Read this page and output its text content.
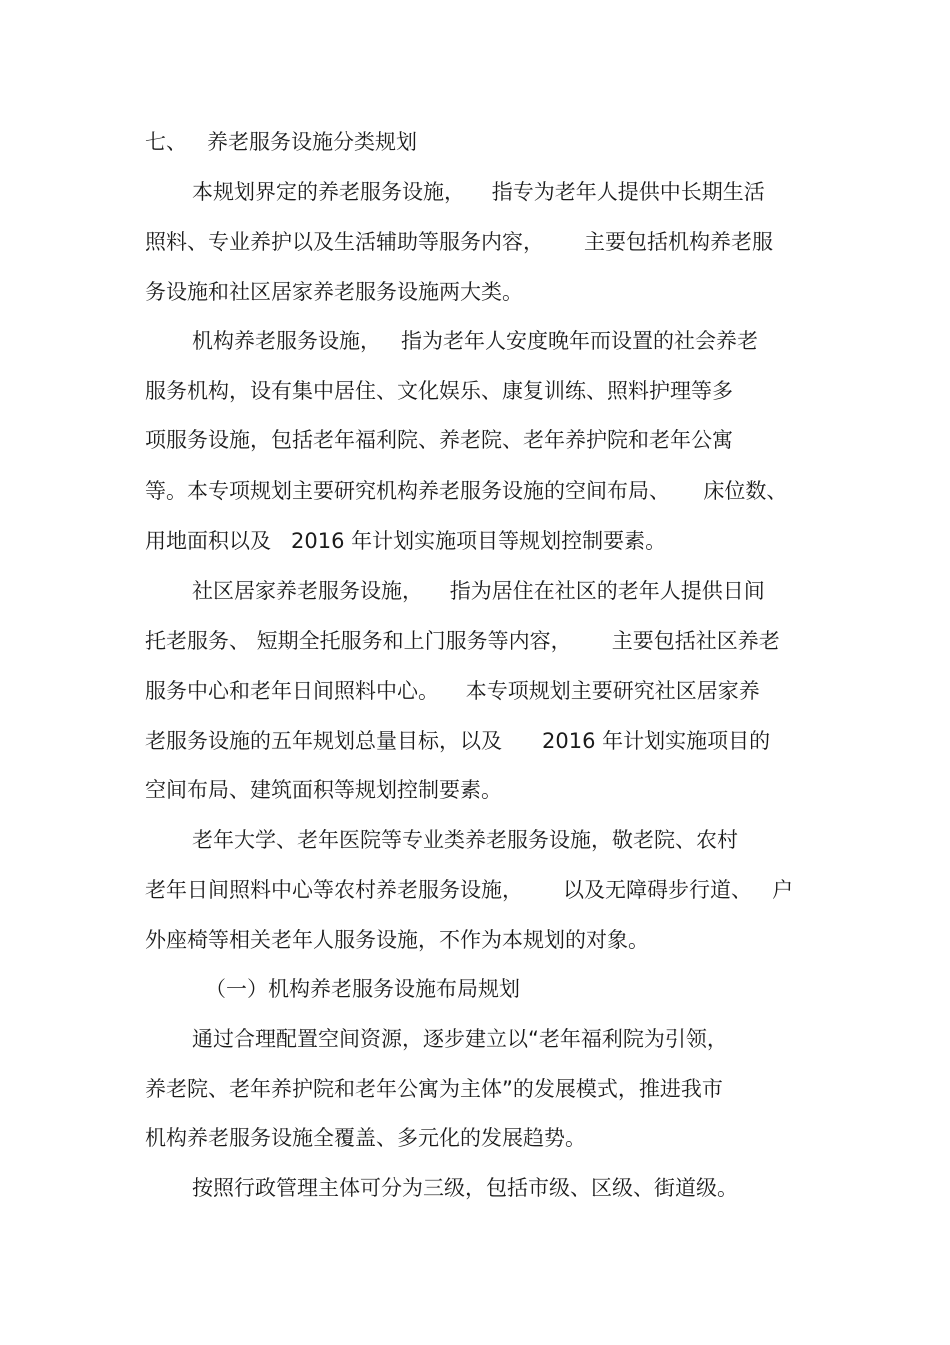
七、   养老服务设施分类规划
本规划界定的养老服务设施，    指专为老年人提供中长期生活
照料、专业养护以及生活辅助等服务内容，      主要包括机构养老服
务设施和社区居家养老服务设施两大类。
机构养老服务设施，   指为老年人安度晚年而设置的社会养老
服务机构，设有集中居住、文化娱乐、康复训练、照料护理等多
项服务设施，包括老年福利院、养老院、老年养护院和老年公寓
等。本专项规划主要研究机构养老服务设施的空间布局、     床位数、
用地面积以及   2016 年计划实施项目等规划控制要素。
社区居家养老服务设施，    指为居住在社区的老年人提供日间
托老服务、 短期全托服务和上门服务等内容，      主要包括社区养老
服务中心和老年日间照料中心。    本专项规划主要研究社区居家养
老服务设施的五年规划总量目标，以及      2016 年计划实施项目的
空间布局、建筑面积等规划控制要素。
老年大学、老年医院等专业类养老服务设施，敬老院、农村
老年日间照料中心等农村养老服务设施，      以及无障碍步行道、   户
外座椅等相关老年人服务设施，不作为本规划的对象。
（一）机构养老服务设施布局规划
通过合理配置空间资源，逐步建立以“老年福利院为引领，
养老院、老年养护院和老年公寓为主体”的发展模式，推进我市
机构养老服务设施全覆盖、多元化的发展趋势。
按照行政管理主体可分为三级，包括市级、区级、街道级。
